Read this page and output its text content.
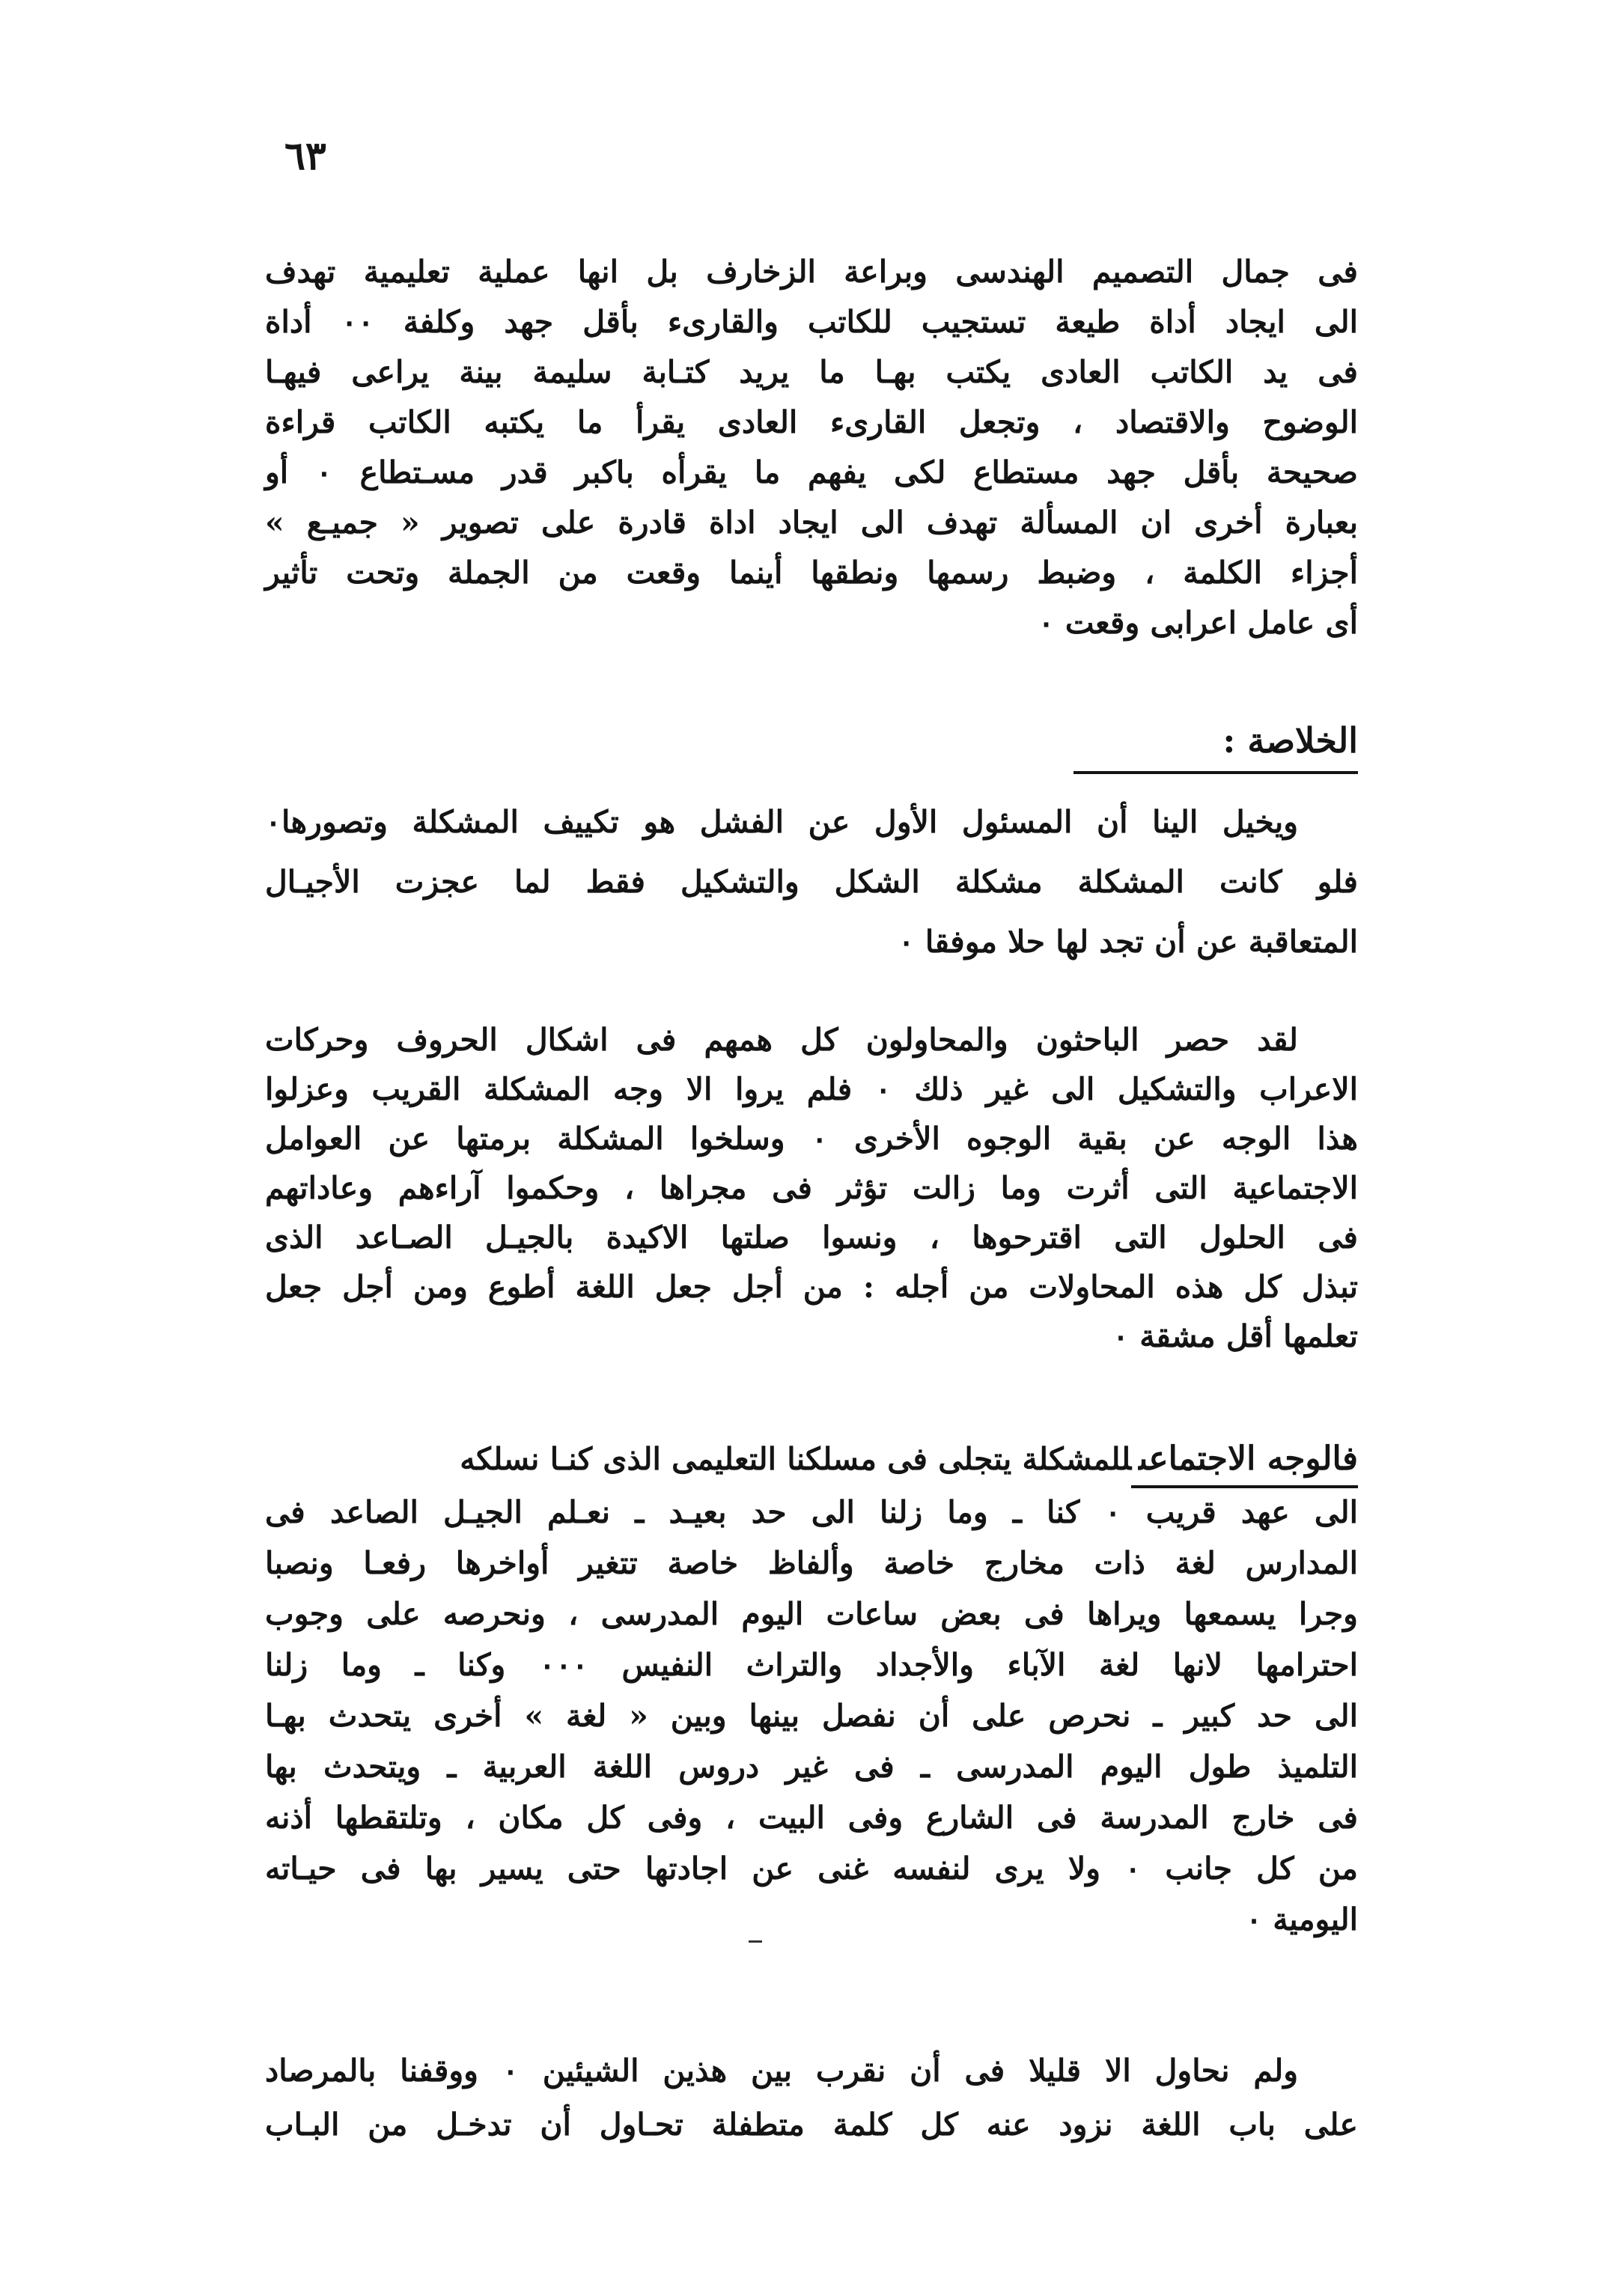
٦٣
فى جمال التصميم الهندسى وبراعة الزخارف بل انها عملية تعليمية تهدف
الى ايجاد أداة طيعة تستجيب للكاتب والقارىء بأقل جهد وكلفة ٠٠ أداة
فى يد الكاتب العادى يكتب بهـا ما يريد كتـابة سليمة بينة يراعى فيهـا
الوضوح والاقتصاد ، وتجعل القارىء العادى يقرأ ما يكتبه الكاتب قراءة
صحيحة بأقل جهد مستطاع لكى يفهم ما يقرأه باكبر قدر مسـتطاع ٠ أو
بعبارة أخرى ان المسألة تهدف الى ايجاد اداة قادرة على تصوير « جميـع »
أجزاء الكلمة ، وضبط رسمها ونطقها أينما وقعت من الجملة وتحت تأثير
أى عامل اعرابى وقعت ٠
الخلاصة :
ويخيل الينا أن المسئول الأول عن الفشل هو تكييف المشكلة وتصورها٠
فلو كانت المشكلة مشكلة الشكل والتشكيل فقط لما عجزت الأجيـال
المتعاقبة عن أن تجد لها حلا موفقا ٠
لقد حصر الباحثون والمحاولون كل همهم فى اشكال الحروف وحركات
الاعراب والتشكيل الى غير ذلك ٠ فلم يروا الا وجه المشكلة القريب وعزلوا
هذا الوجه عن بقية الوجوه الأخرى ٠ وسلخوا المشكلة برمتها عن العوامل
الاجتماعية التى أثرت وما زالت تؤثر فى مجراها ، وحكموا آراءهم وعاداتهم
فى الحلول التى اقترحوها ، ونسوا صلتها الاكيدة بالجيـل الصـاعد الذى
تبذل كل هذه المحاولات من أجله : من أجل جعل اللغة أطوع ومن أجل جعل
تعلمها أقل مشقة ٠
فالوجه الاجتماعىللمشكلة يتجلى فى مسلكنا التعليمى الذى كنـا نسلكه
الى عهد قريب ٠ كنا ـ وما زلنا الى حد بعيـد ـ نعـلم الجيـل الصاعد فى
المدارس لغة ذات مخارج خاصة وألفاظ خاصة تتغير أواخرها رفعـا ونصبا
وجرا يسمعها ويراها فى بعض ساعات اليوم المدرسى ، ونحرصه على وجوب
احترامها لانها لغة الآباء والأجداد والتراث النفيس ٠٠٠ وكنا ـ وما زلنا
الى حد كبير ـ نحرص على أن نفصل بينها وبين « لغة » أخرى يتحدث بهـا
التلميذ طول اليوم المدرسى ـ فى غير دروس اللغة العربية ـ ويتحدث بها
فى خارج المدرسة فى الشارع وفى البيت ، وفى كل مكان ، وتلتقطها أذنه
من كل جانب ٠ ولا يرى لنفسه غنى عن اجادتها حتى يسير بها فى حيـاته
اليومية ٠
ولم نحاول الا قليلا فى أن نقرب بين هذين الشيئين ٠ ووقفنا بالمرصاد
على باب اللغة نزود عنه كل كلمة متطفلة تحـاول أن تدخـل من البـاب
